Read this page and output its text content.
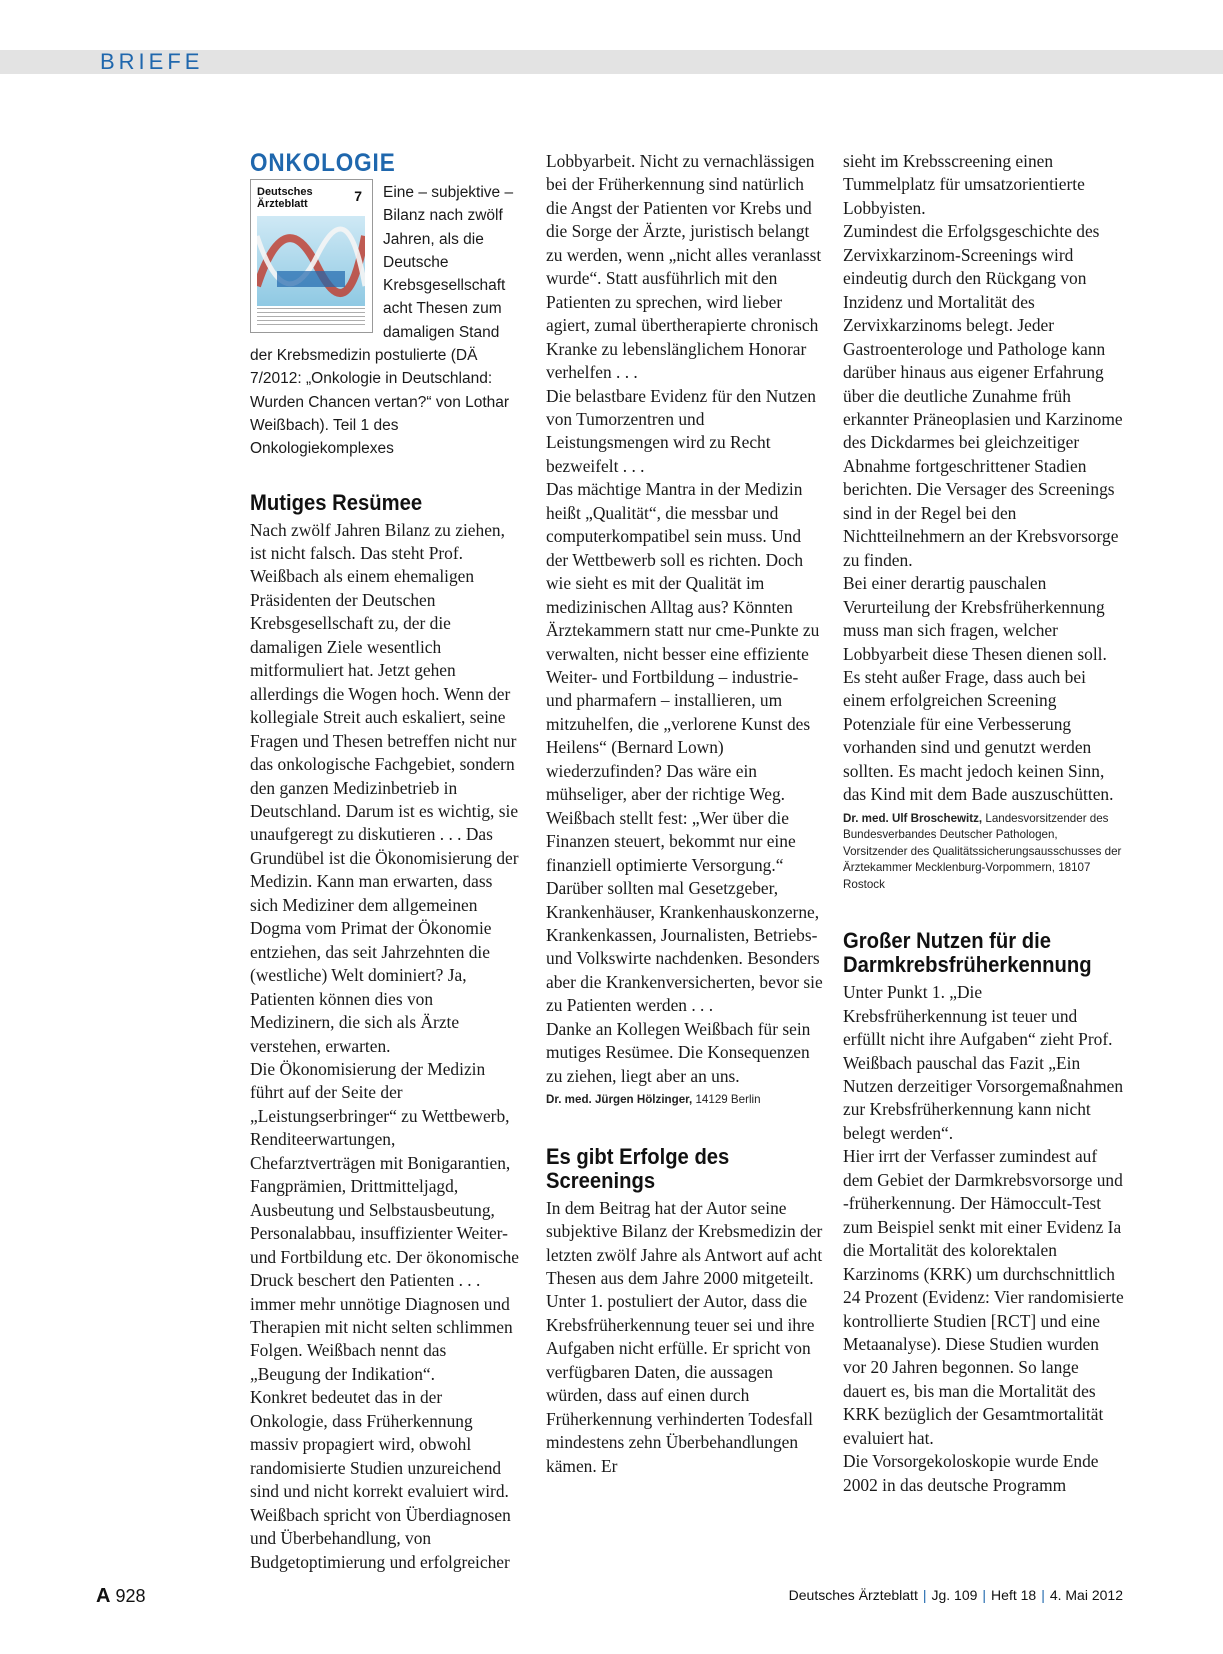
BRIEFE
ONKOLOGIE
Deutsches
Ärzteblatt	7	Eine – subjektive – Bilanz nach zwölf Jahren, als die Deutsche Krebsgesellschaft acht Thesen zum damaligen Stand der Krebsmedizin postulierte (DÄ 7/2012: „Onkologie in Deutschland: Wurden Chancen vertan?“ von Lothar Weißbach). Teil 1 des Onkologiekomplexes
Mutiges Resümee

Nach zwölf Jahren Bilanz zu ziehen, ist nicht falsch. Das steht Prof. Weißbach als einem ehemaligen Präsidenten der Deutschen Krebsgesellschaft zu, der die damaligen Ziele wesentlich mitformuliert hat. Jetzt gehen allerdings die Wogen hoch. Wenn der kollegiale Streit auch eskaliert, seine Fragen und Thesen betreffen nicht nur das onkologische Fachgebiet, sondern den ganzen Medizinbetrieb in Deutschland. Darum ist es wichtig, sie unaufgeregt zu diskutieren . . . Das Grundübel ist die Ökonomisierung der Medizin. Kann man erwarten, dass sich Mediziner dem allgemeinen Dogma vom Primat der Ökonomie entziehen, das seit Jahrzehnten die (westliche) Welt dominiert? Ja, Patienten können dies von Medizinern, die sich als Ärzte verstehen, erwarten.

Die Ökonomisierung der Medizin führt auf der Seite der „Leistungserbringer“ zu Wettbewerb, Renditeerwartungen, Chefarztverträgen mit Bonigarantien, Fangprämien, Drittmitteljagd, Ausbeutung und Selbstausbeutung, Personalabbau, insuffizienter Weiter- und Fortbildung etc. Der ökonomische Druck beschert den Patienten . . . immer mehr unnötige Diagnosen und Therapien mit nicht selten schlimmen Folgen. Weißbach nennt das „Beugung der Indikation“.

Konkret bedeutet das in der Onkologie, dass Früherkennung massiv propagiert wird, obwohl randomisierte Studien unzureichend sind und nicht korrekt evaluiert wird. Weißbach spricht von Überdiagnosen und Überbehandlung, von Budgetoptimierung und erfolgreicher

Lobbyarbeit. Nicht zu vernachlässigen bei der Früherkennung sind natürlich die Angst der Patienten vor Krebs und die Sorge der Ärzte, juristisch belangt zu werden, wenn „nicht alles veranlasst wurde“. Statt ausführlich mit den Patienten zu sprechen, wird lieber agiert, zumal übertherapierte chronisch Kranke zu lebenslänglichem Honorar verhelfen . . .

Die belastbare Evidenz für den Nutzen von Tumorzentren und Leistungsmengen wird zu Recht bezweifelt . . .

Das mächtige Mantra in der Medizin heißt „Qualität“, die messbar und computerkompatibel sein muss. Und der Wettbewerb soll es richten. Doch wie sieht es mit der Qualität im medizinischen Alltag aus? Könnten Ärztekammern statt nur cme-Punkte zu verwalten, nicht besser eine effiziente Weiter- und Fortbildung – industrie- und pharmafern – installieren, um mitzuhelfen, die „verlorene Kunst des Heilens“ (Bernard Lown) wiederzufinden? Das wäre ein mühseliger, aber der richtige Weg.

Weißbach stellt fest: „Wer über die Finanzen steuert, bekommt nur eine finanziell optimierte Versorgung.“ Darüber sollten mal Gesetzgeber, Krankenhäuser, Krankenhauskonzerne, Krankenkassen, Journalisten, Betriebs- und Volkswirte nachdenken. Besonders aber die Krankenversicherten, bevor sie zu Patienten werden . . .

Danke an Kollegen Weißbach für sein mutiges Resümee. Die Konsequenzen zu ziehen, liegt aber an uns.

Dr. med. Jürgen Hölzinger, 14129 Berlin
Es gibt Erfolge des Screenings

In dem Beitrag hat der Autor seine subjektive Bilanz der Krebsmedizin der letzten zwölf Jahre als Antwort auf acht Thesen aus dem Jahre 2000 mitgeteilt. Unter 1. postuliert der Autor, dass die Krebsfrüherkennung teuer sei und ihre Aufgaben nicht erfülle. Er spricht von verfügbaren Daten, die aussagen würden, dass auf einen durch Früherkennung verhinderten Todesfall mindestens zehn Überbehandlungen kämen. Er

sieht im Krebsscreening einen Tummelplatz für umsatzorientierte Lobbyisten.

Zumindest die Erfolgsgeschichte des Zervixkarzinom-Screenings wird eindeutig durch den Rückgang von Inzidenz und Mortalität des Zervixkarzinoms belegt. Jeder Gastroenterologe und Pathologe kann darüber hinaus aus eigener Erfahrung über die deutliche Zunahme früh erkannter Präneoplasien und Karzinome des Dickdarmes bei gleichzeitiger Abnahme fortgeschrittener Stadien berichten. Die Versager des Screenings sind in der Regel bei den Nichtteilnehmern an der Krebsvorsorge zu finden.

Bei einer derartig pauschalen Verurteilung der Krebsfrüherkennung muss man sich fragen, welcher Lobbyarbeit diese Thesen dienen soll. Es steht außer Frage, dass auch bei einem erfolgreichen Screening Potenziale für eine Verbesserung vorhanden sind und genutzt werden sollten. Es macht jedoch keinen Sinn, das Kind mit dem Bade auszuschütten.

Dr. med. Ulf Broschewitz, Landesvorsitzender des Bundesverbandes Deutscher Pathologen, Vorsitzender des Qualitätssicherungsausschusses der Ärztekammer Mecklenburg-Vorpommern, 18107 Rostock
Großer Nutzen für die Darmkrebsfrüherkennung

Unter Punkt 1. „Die Krebsfrüherkennung ist teuer und erfüllt nicht ihre Aufgaben“ zieht Prof. Weißbach pauschal das Fazit „Ein Nutzen derzeitiger Vorsorgemaßnahmen zur Krebsfrüherkennung kann nicht belegt werden“.

Hier irrt der Verfasser zumindest auf dem Gebiet der Darmkrebsvorsorge und -früherkennung. Der Hämoccult-Test zum Beispiel senkt mit einer Evidenz Ia die Mortalität des kolorektalen Karzinoms (KRK) um durchschnittlich 24 Prozent (Evidenz: Vier randomisierte kontrollierte Studien [RCT] und eine Metaanalyse). Diese Studien wurden vor 20 Jahren begonnen. So lange dauert es, bis man die Mortalität des KRK bezüglich der Gesamtmortalität evaluiert hat.

Die Vorsorgekoloskopie wurde Ende 2002 in das deutsche Programm

A 928	Deutsches Ärzteblatt | Jg. 109 | Heft 18 | 4. Mai 2012
